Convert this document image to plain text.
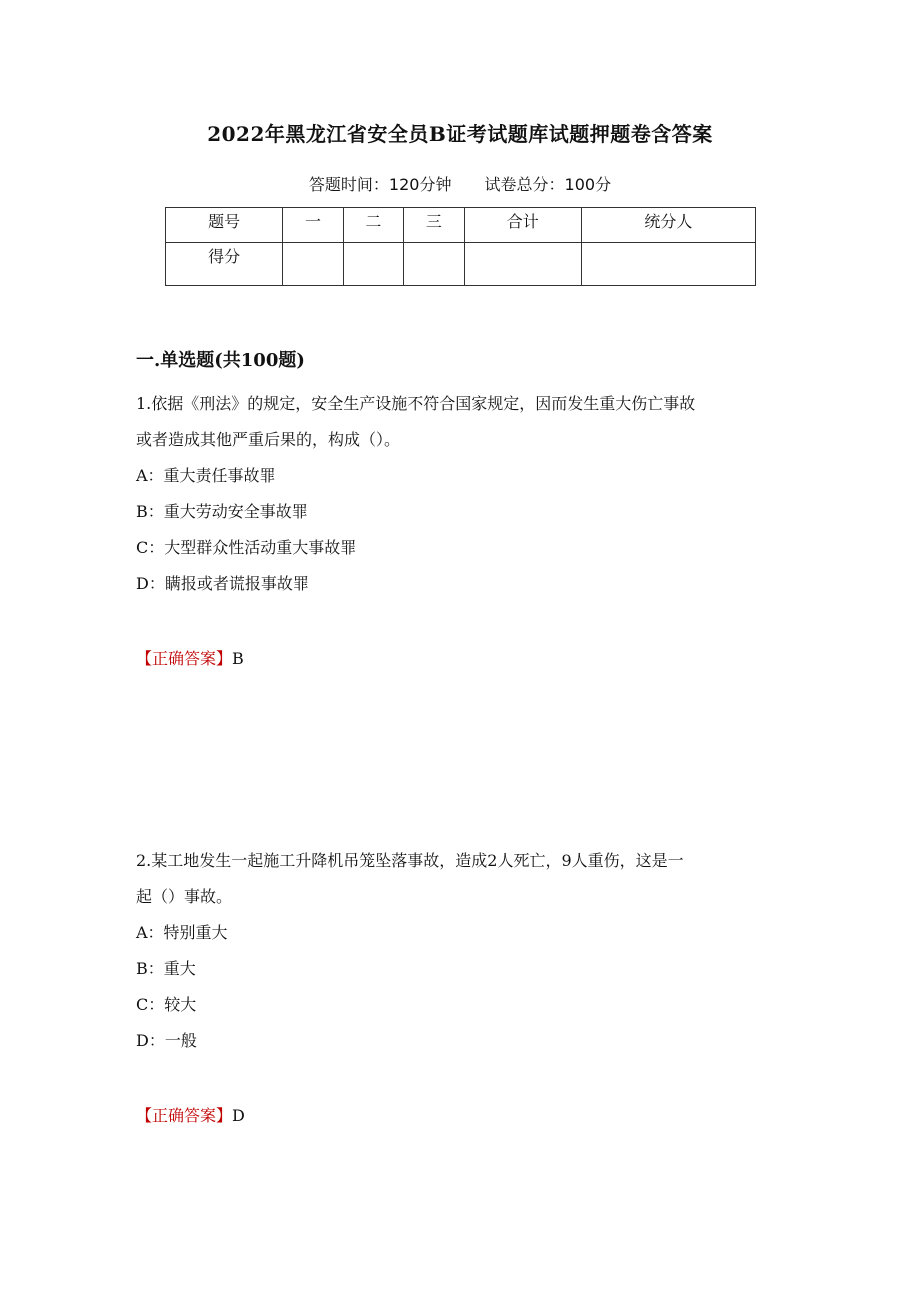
2022年黑龙江省安全员B证考试题库试题押题卷含答案
答题时间：120分钟 试卷总分：100分
题号	一	二	三	合计	统分人
得分					
一.单选题(共100题)

1.依据《刑法》的规定，安全生产设施不符合国家规定，因而发生重大伤亡事故

或者造成其他严重后果的，构成（）。

A：重大责任事故罪

B：重大劳动安全事故罪

C：大型群众性活动重大事故罪

D：瞒报或者谎报事故罪

【正确答案】B

2.某工地发生一起施工升降机吊笼坠落事故，造成2人死亡，9人重伤，这是一

起（）事故。

A：特别重大

B：重大

C：较大

D：一般

【正确答案】D
